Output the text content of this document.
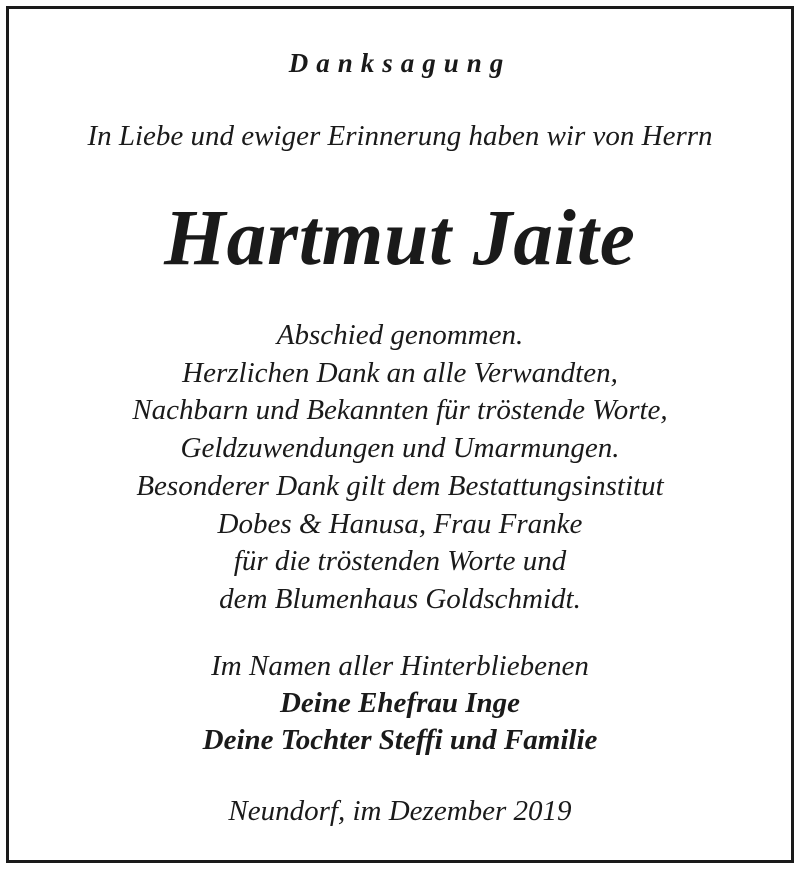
Danksagung
In Liebe und ewiger Erinnerung haben wir von Herrn
Hartmut Jaite
Abschied genommen.
Herzlichen Dank an alle Verwandten,
Nachbarn und Bekannten für tröstende Worte,
Geldzuwendungen und Umarmungen.
Besonderer Dank gilt dem Bestattungsinstitut
Dobes & Hanusa, Frau Franke
für die tröstenden Worte und
dem Blumenhaus Goldschmidt.
Im Namen aller Hinterbliebenen
Deine Ehefrau Inge
Deine Tochter Steffi und Familie
Neundorf, im Dezember 2019
